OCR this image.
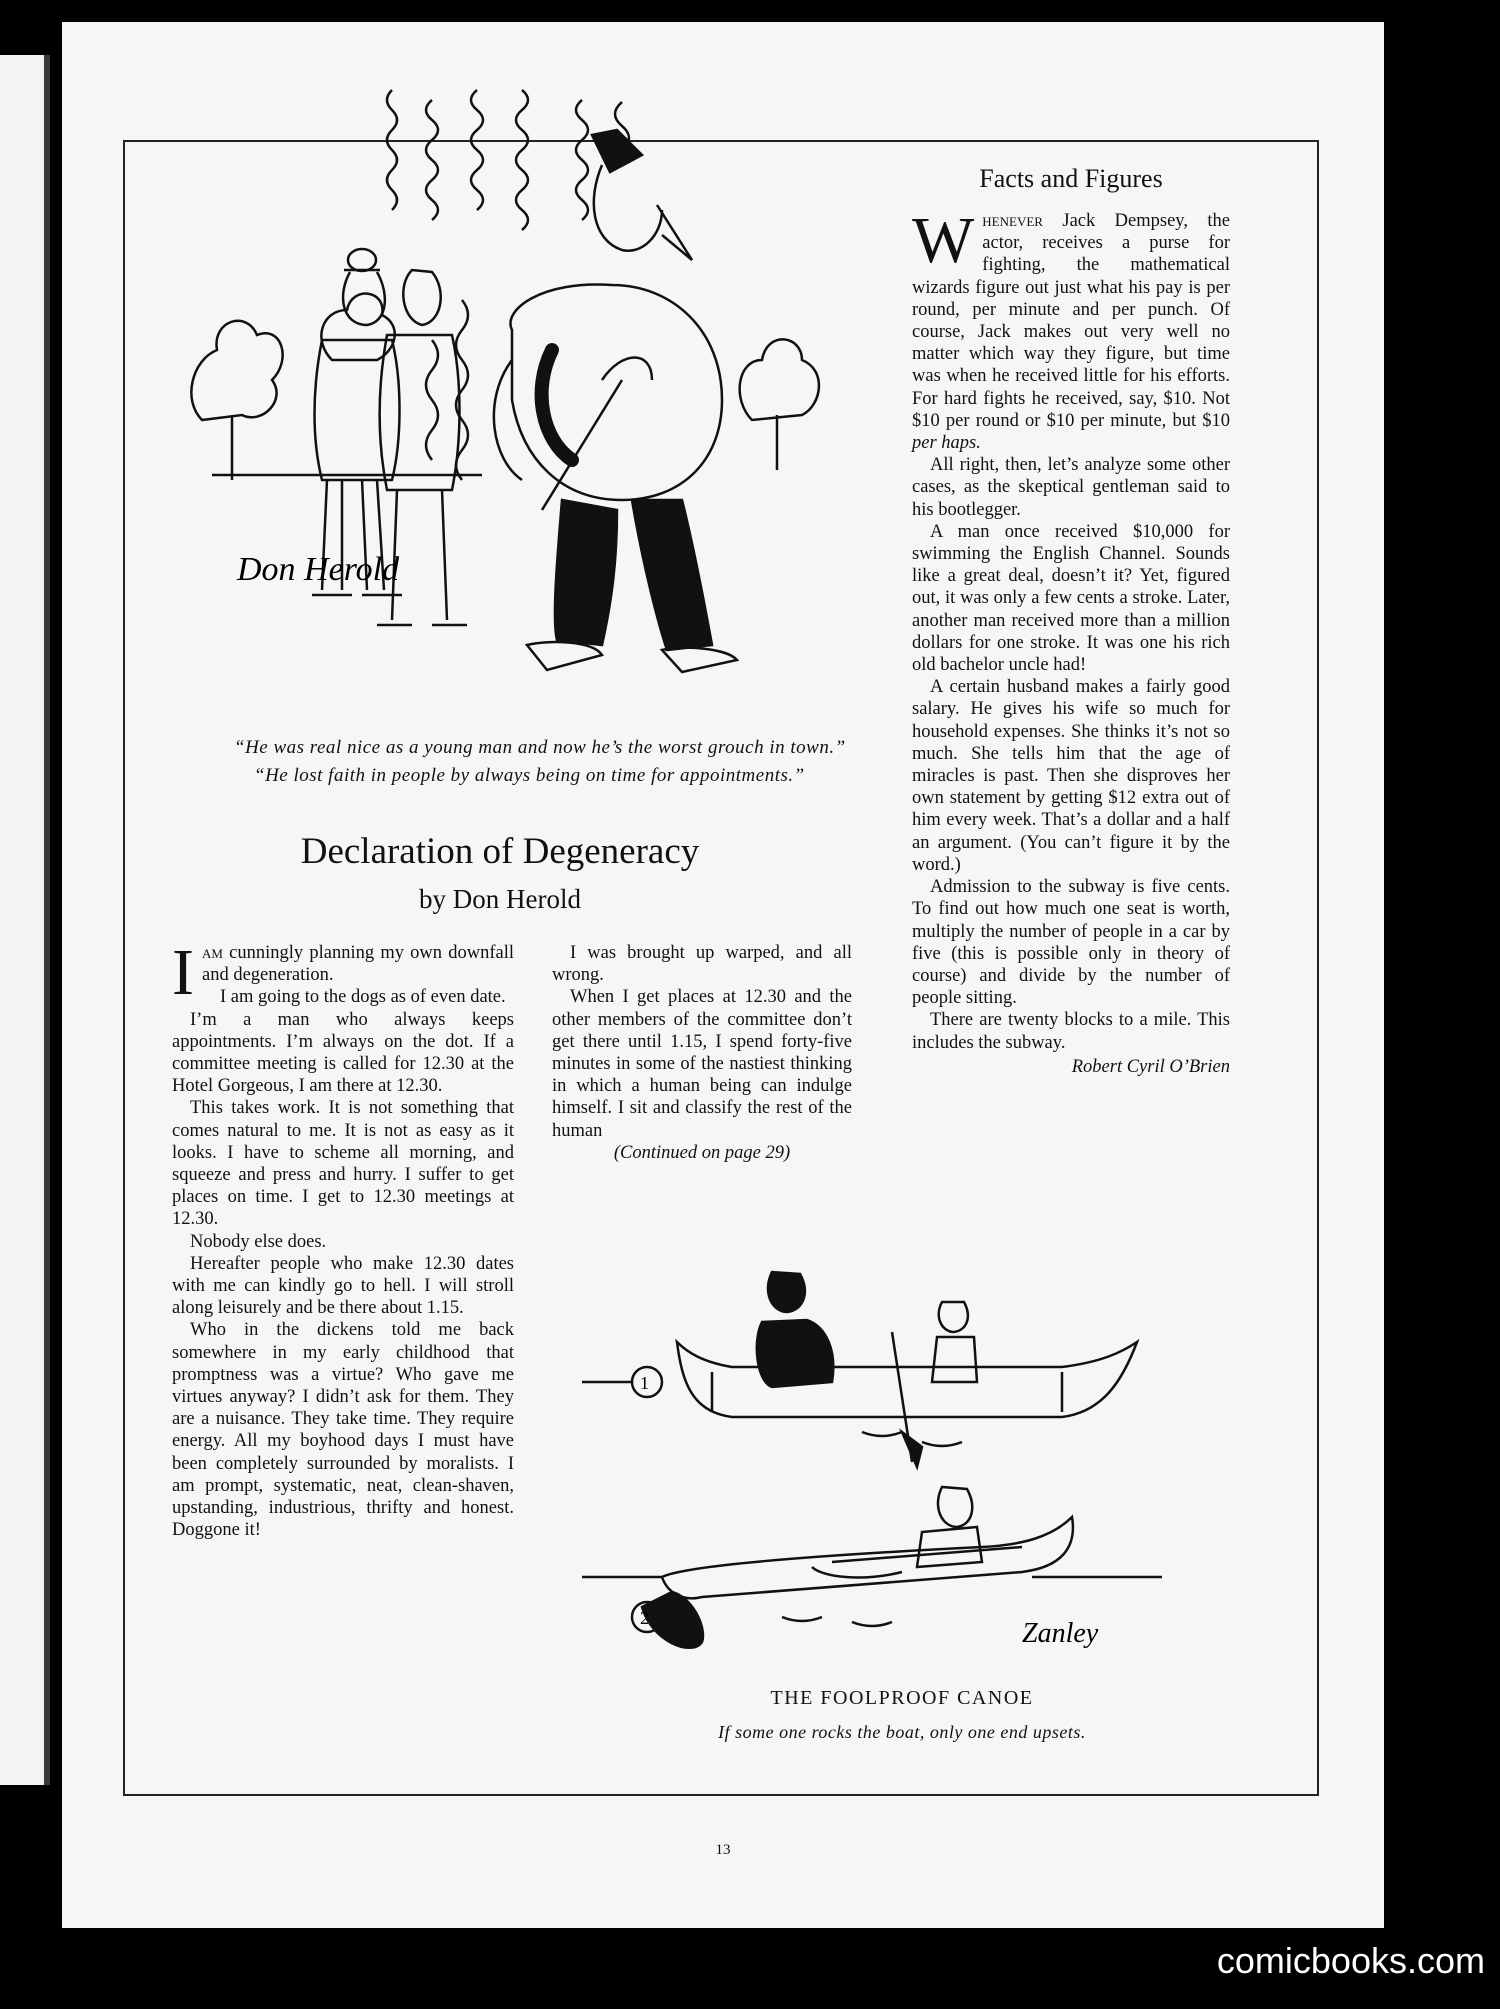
Don Herold
“He was real nice as a young man and now he’s the worst grouch in town.”
“He lost faith in people by always being on time for appointments.”
Declaration of Degeneracy
by Don Herold

Iam cunningly planning my own downfall and degeneration.

I am going to the dogs as of even date.

I’m a man who always keeps appointments. I’m always on the dot. If a committee meeting is called for 12.30 at the Hotel Gorgeous, I am there at 12.30.

This takes work. It is not something that comes natural to me. It is not as easy as it looks. I have to scheme all morning, and squeeze and press and hurry. I suffer to get places on time. I get to 12.30 meetings at 12.30.

Nobody else does.

Hereafter people who make 12.30 dates with me can kindly go to hell. I will stroll along leisurely and be there about 1.15.

Who in the dickens told me back somewhere in my early childhood that promptness was a virtue? Who gave me virtues anyway? I didn’t ask for them. They are a nuisance. They take time. They require energy. All my boyhood days I must have been completely surrounded by moralists. I am prompt, systematic, neat, clean-shaven, upstanding, industrious, thrifty and honest. Doggone it!

I was brought up warped, and all wrong.

When I get places at 12.30 and the other members of the committee don’t get there until 1.15, I spend forty-five minutes in some of the nastiest thinking in which a human being can indulge himself. I sit and classify the rest of the human

(Continued on page 29)

Facts and Figures

Whenever Jack Dempsey, the actor, receives a purse for fighting, the mathematical wizards figure out just what his pay is per round, per minute and per punch. Of course, Jack makes out very well no matter which way they figure, but time was when he received little for his efforts. For hard fights he received, say, $10. Not $10 per round or $10 per minute, but $10 per haps.

All right, then, let’s analyze some other cases, as the skeptical gentleman said to his bootlegger.

A man once received $10,000 for swimming the English Channel. Sounds like a great deal, doesn’t it? Yet, figured out, it was only a few cents a stroke. Later, another man received more than a million dollars for one stroke. It was one his rich old bachelor uncle had!

A certain husband makes a fairly good salary. He gives his wife so much for household expenses. She thinks it’s not so much. She tells him that the age of miracles is past. Then she disproves her own statement by getting $12 extra out of him every week. That’s a dollar and a half an argument. (You can’t figure it by the word.)

Admission to the subway is five cents. To find out how much one seat is worth, multiply the number of people in a car by five (this is possible only in theory of course) and divide by the number of people sitting.

There are twenty blocks to a mile. This includes the subway.

Robert Cyril O’Brien

1
2	Zanley
THE FOOLPROOF CANOE
If some one rocks the boat, only one end upsets.
13
comicbooks.com
